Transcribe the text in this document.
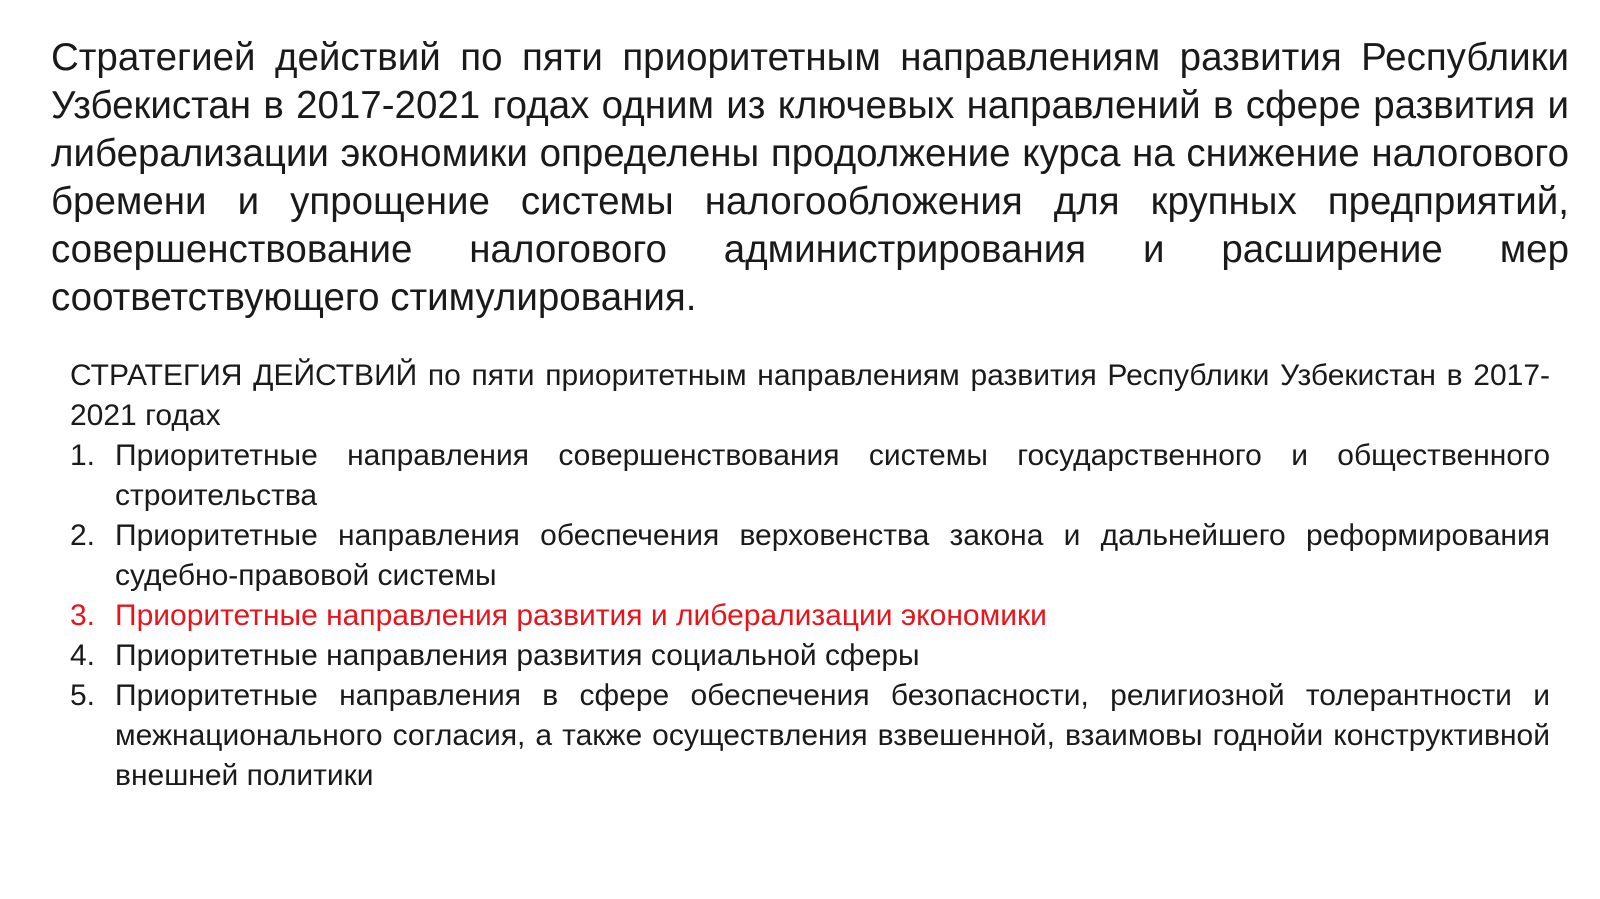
Стратегией действий по пяти приоритетным направлениям развития Республики Узбекистан в 2017-2021 годах одним из ключевых направлений в сфере развития и либерализации экономики определены продолжение курса на снижение налогового бремени и упрощение системы налогообложения для крупных предприятий, совершенствование налогового администрирования и расширение мер соответствующего стимулирования.

СТРАТЕГИЯ ДЕЙСТВИЙ по пяти приоритетным направлениям развития Республики Узбекистан в 2017-2021 годах

1. Приоритетные направления совершенствования системы государственного и общественного строительства
2. Приоритетные направления обеспечения верховенства закона и дальнейшего реформирования судебно-правовой системы
3. Приоритетные направления развития и либерализации экономики
4. Приоритетные направления развития социальной сферы
5. Приоритетные направления в сфере обеспечения безопасности, религиозной толерантности и межнационального согласия, а также осуществления взвешенной, взаимовы годнойи конструктивной внешней политики
